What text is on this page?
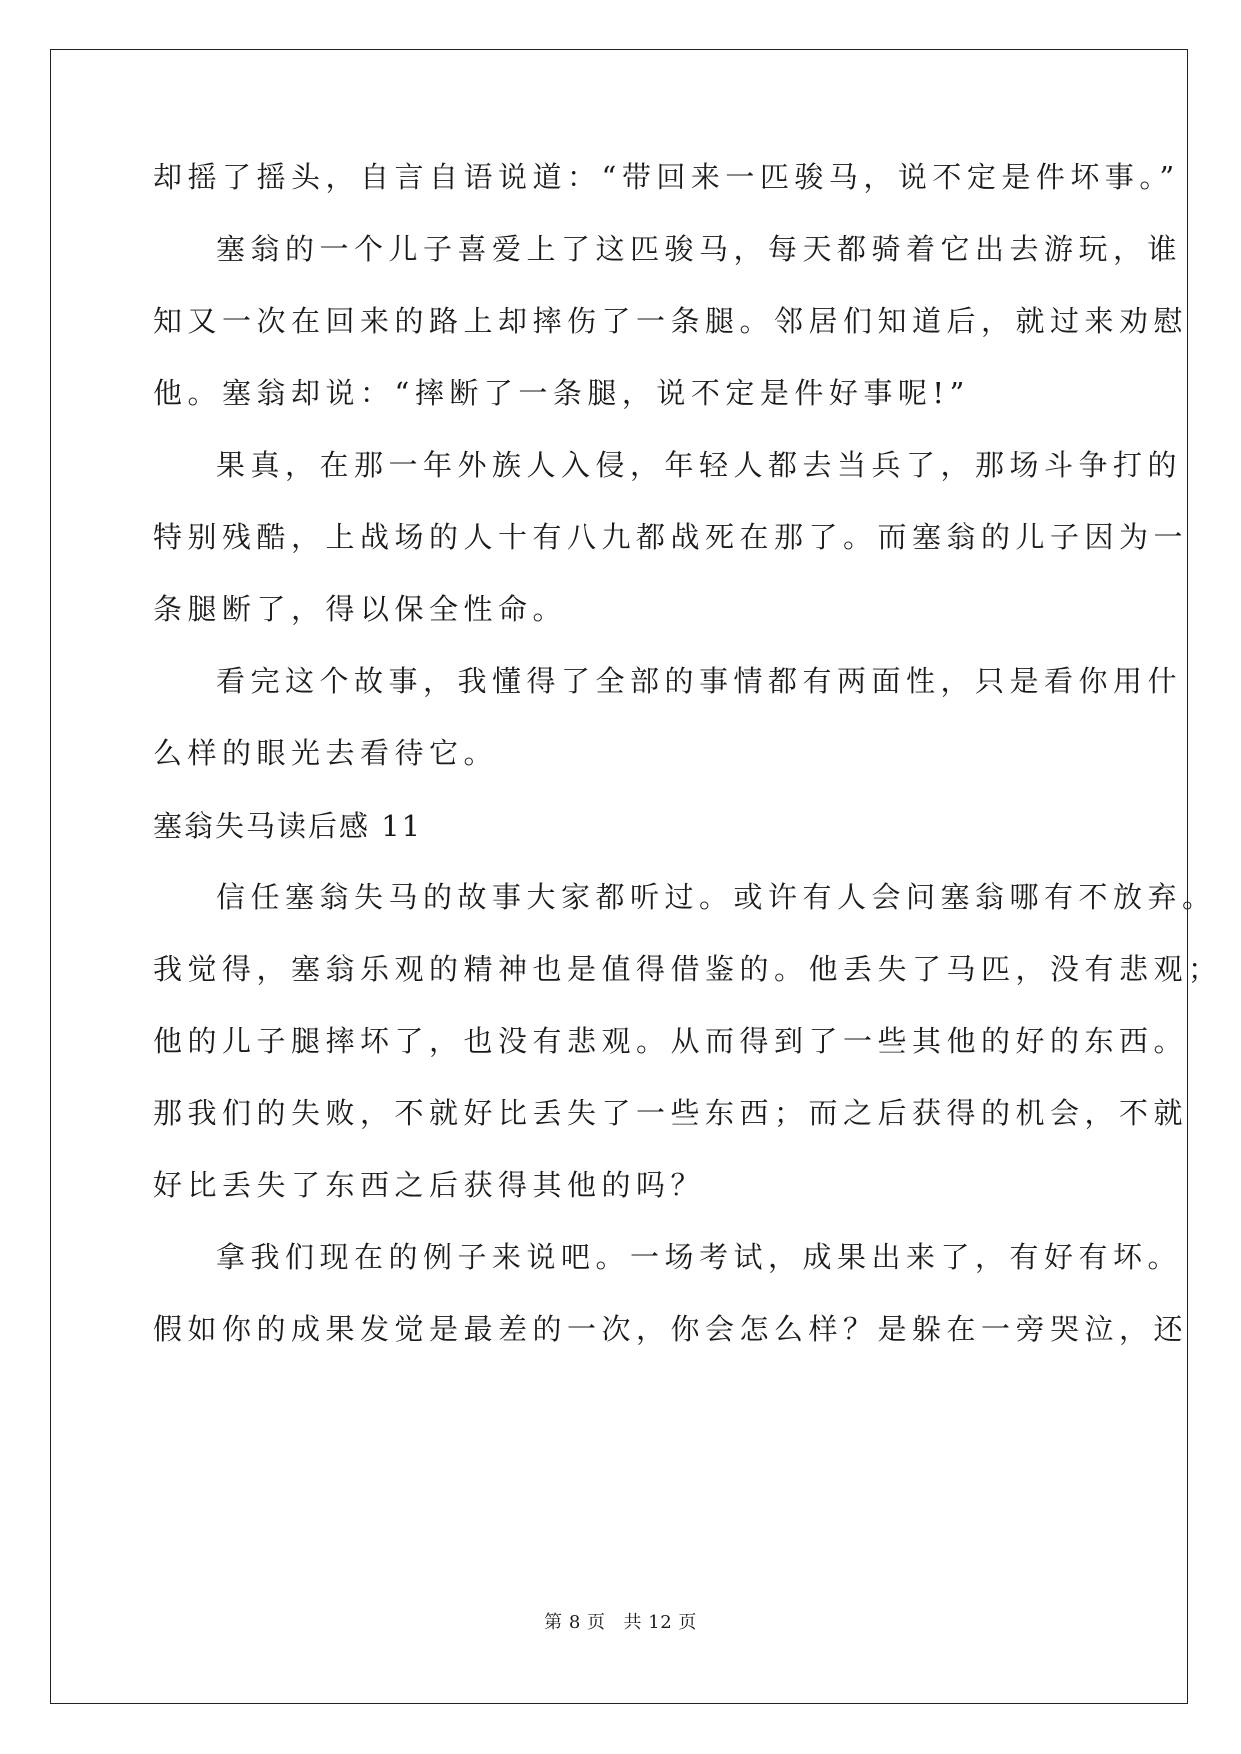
却摇了摇头，自言自语说道：“带回来一匹骏马，说不定是件坏事。”
塞翁的一个儿子喜爱上了这匹骏马，每天都骑着它出去游玩，谁
知又一次在回来的路上却摔伤了一条腿。邻居们知道后，就过来劝慰
他。塞翁却说：“摔断了一条腿，说不定是件好事呢!”
果真，在那一年外族人入侵，年轻人都去当兵了，那场斗争打的
特别残酷，上战场的人十有八九都战死在那了。而塞翁的儿子因为一
条腿断了，得以保全性命。
看完这个故事，我懂得了全部的事情都有两面性，只是看你用什
么样的眼光去看待它。
塞翁失马读后感 11
信任塞翁失马的故事大家都听过。或许有人会问塞翁哪有不放弃。
我觉得，塞翁乐观的精神也是值得借鉴的。他丢失了马匹，没有悲观；
他的儿子腿摔坏了，也没有悲观。从而得到了一些其他的好的东西。
那我们的失败，不就好比丢失了一些东西；而之后获得的机会，不就
好比丢失了东西之后获得其他的吗？
拿我们现在的例子来说吧。一场考试，成果出来了，有好有坏。
假如你的成果发觉是最差的一次，你会怎么样？是躲在一旁哭泣，还
第 8 页 共 12 页
